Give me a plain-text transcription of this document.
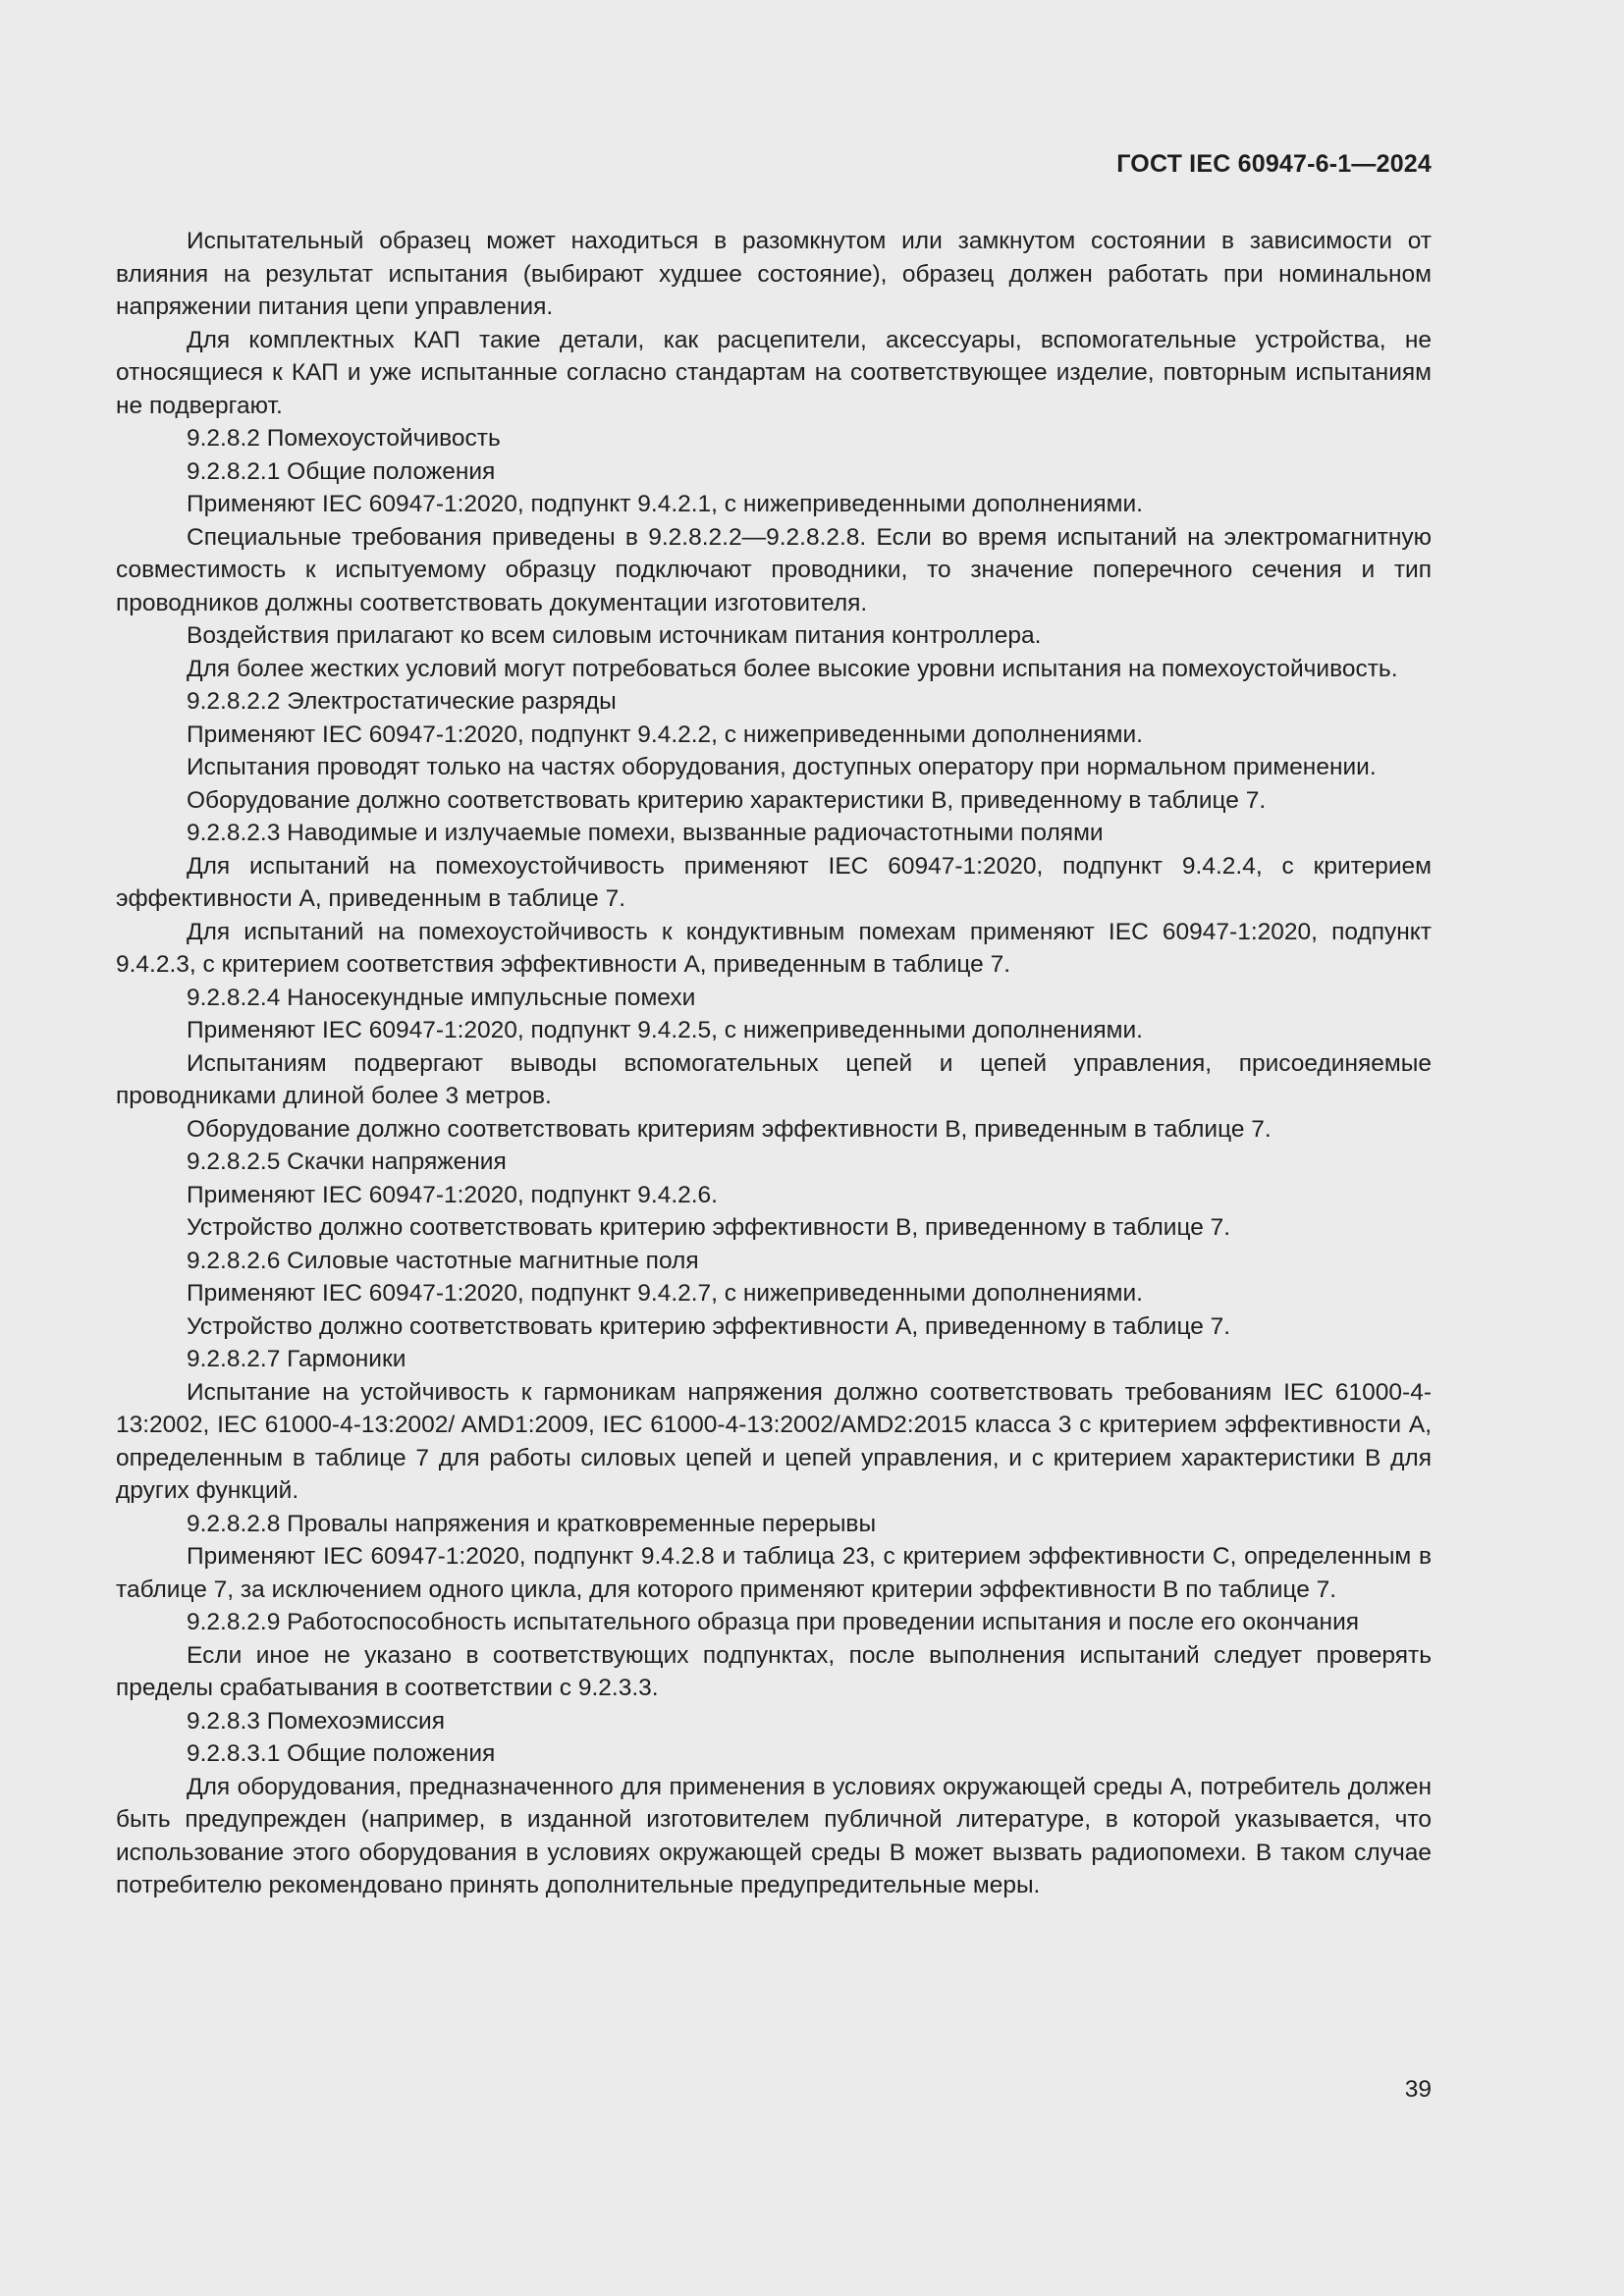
ГОСТ IEC 60947-6-1—2024

Испытательный образец может находиться в разомкнутом или замкнутом состоянии в зависимости от влияния на результат испытания (выбирают худшее состояние), образец должен работать при номинальном напряжении питания цепи управления.

Для комплектных КАП такие детали, как расцепители, аксессуары, вспомогательные устройства, не относящиеся к КАП и уже испытанные согласно стандартам на соответствующее изделие, повторным испытаниям не подвергают.

9.2.8.2 Помехоустойчивость

9.2.8.2.1 Общие положения

Применяют IEC 60947-1:2020, подпункт 9.4.2.1, с нижеприведенными дополнениями.

Специальные требования приведены в 9.2.8.2.2—9.2.8.2.8. Если во время испытаний на электромагнитную совместимость к испытуемому образцу подключают проводники, то значение поперечного сечения и тип проводников должны соответствовать документации изготовителя.

Воздействия прилагают ко всем силовым источникам питания контроллера.

Для более жестких условий могут потребоваться более высокие уровни испытания на помехоустойчивость.

9.2.8.2.2 Электростатические разряды

Применяют IEC 60947-1:2020, подпункт 9.4.2.2, с нижеприведенными дополнениями.

Испытания проводят только на частях оборудования, доступных оператору при нормальном применении.

Оборудование должно соответствовать критерию характеристики В, приведенному в таблице 7.

9.2.8.2.3 Наводимые и излучаемые помехи, вызванные радиочастотными полями

Для испытаний на помехоустойчивость применяют IEC 60947-1:2020, подпункт 9.4.2.4, с критерием эффективности А, приведенным в таблице 7.

Для испытаний на помехоустойчивость к кондуктивным помехам применяют IEC 60947-1:2020, подпункт 9.4.2.3, с критерием соответствия эффективности А, приведенным в таблице 7.

9.2.8.2.4 Наносекундные импульсные помехи

Применяют IEC 60947-1:2020, подпункт 9.4.2.5, с нижеприведенными дополнениями.

Испытаниям подвергают выводы вспомогательных цепей и цепей управления, присоединяемые проводниками длиной более 3 метров.

Оборудование должно соответствовать критериям эффективности В, приведенным в таблице 7.

9.2.8.2.5 Скачки напряжения

Применяют IEC 60947-1:2020, подпункт 9.4.2.6.

Устройство должно соответствовать критерию эффективности В, приведенному в таблице 7.

9.2.8.2.6 Силовые частотные магнитные поля

Применяют IEC 60947-1:2020, подпункт 9.4.2.7, с нижеприведенными дополнениями.

Устройство должно соответствовать критерию эффективности А, приведенному в таблице 7.

9.2.8.2.7 Гармоники

Испытание на устойчивость к гармоникам напряжения должно соответствовать требованиям IEC 61000-4-13:2002, IEC 61000-4-13:2002/ AMD1:2009, IEC 61000-4-13:2002/AMD2:2015 класса 3 с критерием эффективности А, определенным в таблице 7 для работы силовых цепей и цепей управления, и с критерием характеристики В для других функций.

9.2.8.2.8 Провалы напряжения и кратковременные перерывы

Применяют IEC 60947-1:2020, подпункт 9.4.2.8 и таблица 23, с критерием эффективности С, определенным в таблице 7, за исключением одного цикла, для которого применяют критерии эффективности В по таблице 7.

9.2.8.2.9 Работоспособность испытательного образца при проведении испытания и после его окончания

Если иное не указано в соответствующих подпунктах, после выполнения испытаний следует проверять пределы срабатывания в соответствии с 9.2.3.3.

9.2.8.3 Помехоэмиссия

9.2.8.3.1 Общие положения

Для оборудования, предназначенного для применения в условиях окружающей среды А, потребитель должен быть предупрежден (например, в изданной изготовителем публичной литературе, в которой указывается, что использование этого оборудования в условиях окружающей среды В может вызвать радиопомехи. В таком случае потребителю рекомендовано принять дополнительные предупредительные меры.

39
